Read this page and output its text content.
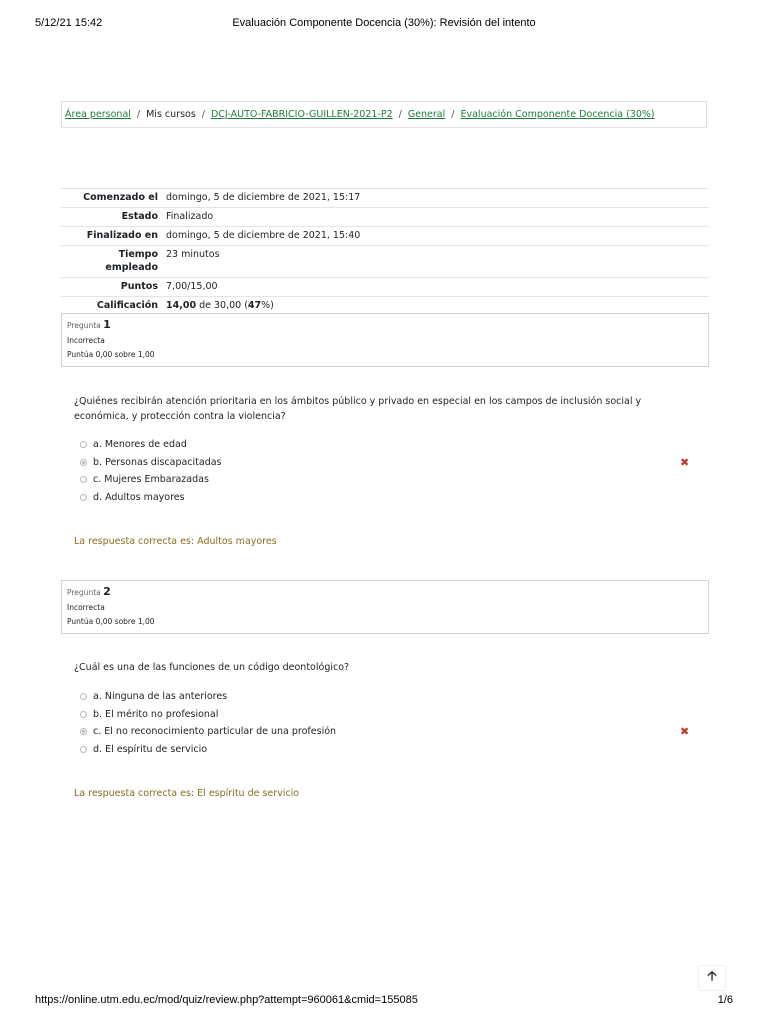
5/12/21 15:42	Evaluación Componente Docencia (30%): Revisión del intento
Área personal / Mis cursos / DCJ-AUTO-FABRICIO-GUILLEN-2021-P2 / General / Evaluación Componente Docencia (30%)
Comenzado el	domingo, 5 de diciembre de 2021, 15:17
Estado	Finalizado
Finalizado en	domingo, 5 de diciembre de 2021, 15:40
Tiempo
empleado	23 minutos
Puntos	7,00/15,00
Calificación	14,00 de 30,00 (47%)
Pregunta 1
Incorrecta
Puntúa 0,00 sobre 1,00
¿Quiénes recibirán atención prioritaria en los ámbitos público y privado en especial en los campos de inclusión social y económica, y protección contra la violencia?
a. Menores de edad
b. Personas discapacitadas	✖
c. Mujeres Embarazadas
d. Adultos mayores
La respuesta correcta es: Adultos mayores
Pregunta 2
Incorrecta
Puntúa 0,00 sobre 1,00
¿Cuál es una de las funciones de un código deontológico?
a. Ninguna de las anteriores
b. El mérito no profesional
c. El no reconocimiento particular de una profesión	✖
d. El espíritu de servicio
La respuesta correcta es: El espíritu de servicio
🡡
https://online.utm.edu.ec/mod/quiz/review.php?attempt=960061&cmid=155085	1/6
